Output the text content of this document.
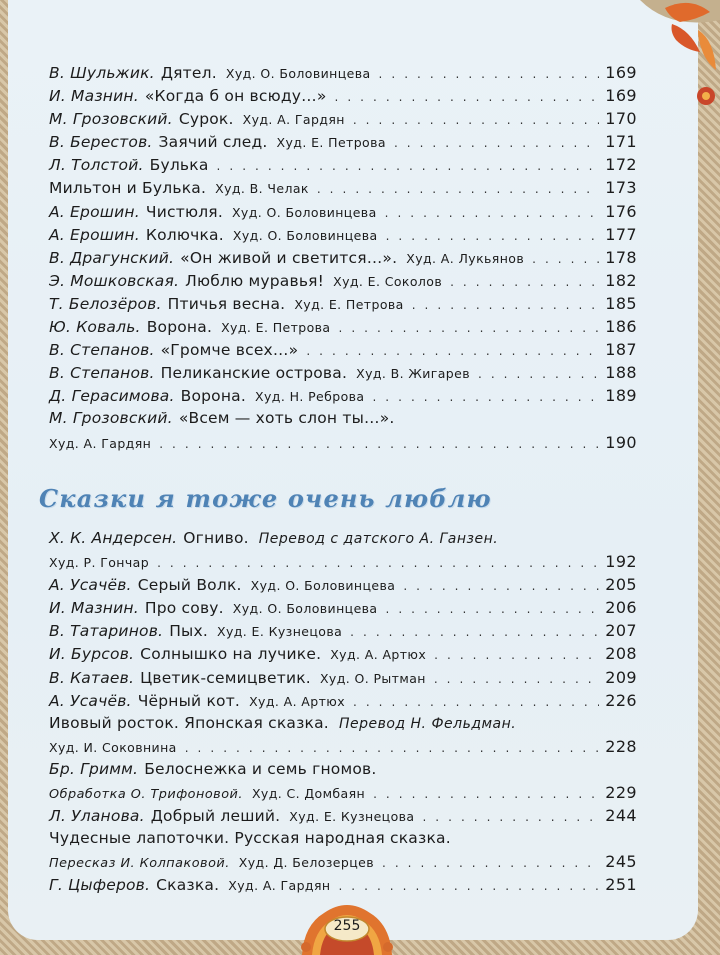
В. Шульжик. Дятел. Худ. О. Боловинцева . . .	169
И. Мазнин. «Когда б он всюду…» . . .	169
М. Грозовский. Сурок. Худ. А. Гардян . . .	170
В. Берестов. Заячий след. Худ. Е. Петрова . . .	171
Л. Толстой. Булька . . .	172
Мильтон и Булька. Худ. В. Челак . . .	173
А. Ерошин. Чистюля. Худ. О. Боловинцева . . .	176
А. Ерошин. Колючка. Худ. О. Боловинцева . . .	177
В. Драгунский. «Он живой и светится…». Худ. А. Лукьянов . . .	178
Э. Мошковская. Люблю муравья! Худ. Е. Соколов . . .	182
Т. Белозёров. Птичья весна. Худ. Е. Петрова . . .	185
Ю. Коваль. Ворона. Худ. Е. Петрова . . .	186
В. Степанов. «Громче всех…» . . .	187
В. Степанов. Пеликанские острова. Худ. В. Жигарев . . .	188
Д. Герасимова. Ворона. Худ. Н. Реброва . . .	189
М. Грозовский. «Всем — хоть слон ты…».
Худ. А. Гардян . . .	190
Сказки я тоже очень люблю
Х. К. Андерсен. Огниво. Перевод с датского А. Ганзен.
Худ. Р. Гончар . . .	192
А. Усачёв. Серый Волк. Худ. О. Боловинцева . . .	205
И. Мазнин. Про сову. Худ. О. Боловинцева . . .	206
В. Татаринов. Пых. Худ. Е. Кузнецова . . .	207
И. Бурсов. Солнышко на лучике. Худ. А. Артюх . . .	208
В. Катаев. Цветик-семицветик. Худ. О. Рытман . . .	209
А. Усачёв. Чёрный кот. Худ. А. Артюх . . .	226
Ивовый росток. Японская сказка. Перевод Н. Фельдман.
Худ. И. Соковнина . . .	228
Бр. Гримм. Белоснежка и семь гномов.
Обработка О. Трифоновой. Худ. С. Домбаян . . .	229
Л. Уланова. Добрый леший. Худ. Е. Кузнецова . . .	244
Чудесные лапоточки. Русская народная сказка.
Пересказ И. Колпаковой. Худ. Д. Белозерцев . . .	245
Г. Цыферов. Сказка. Худ. А. Гардян . . .	251
255
